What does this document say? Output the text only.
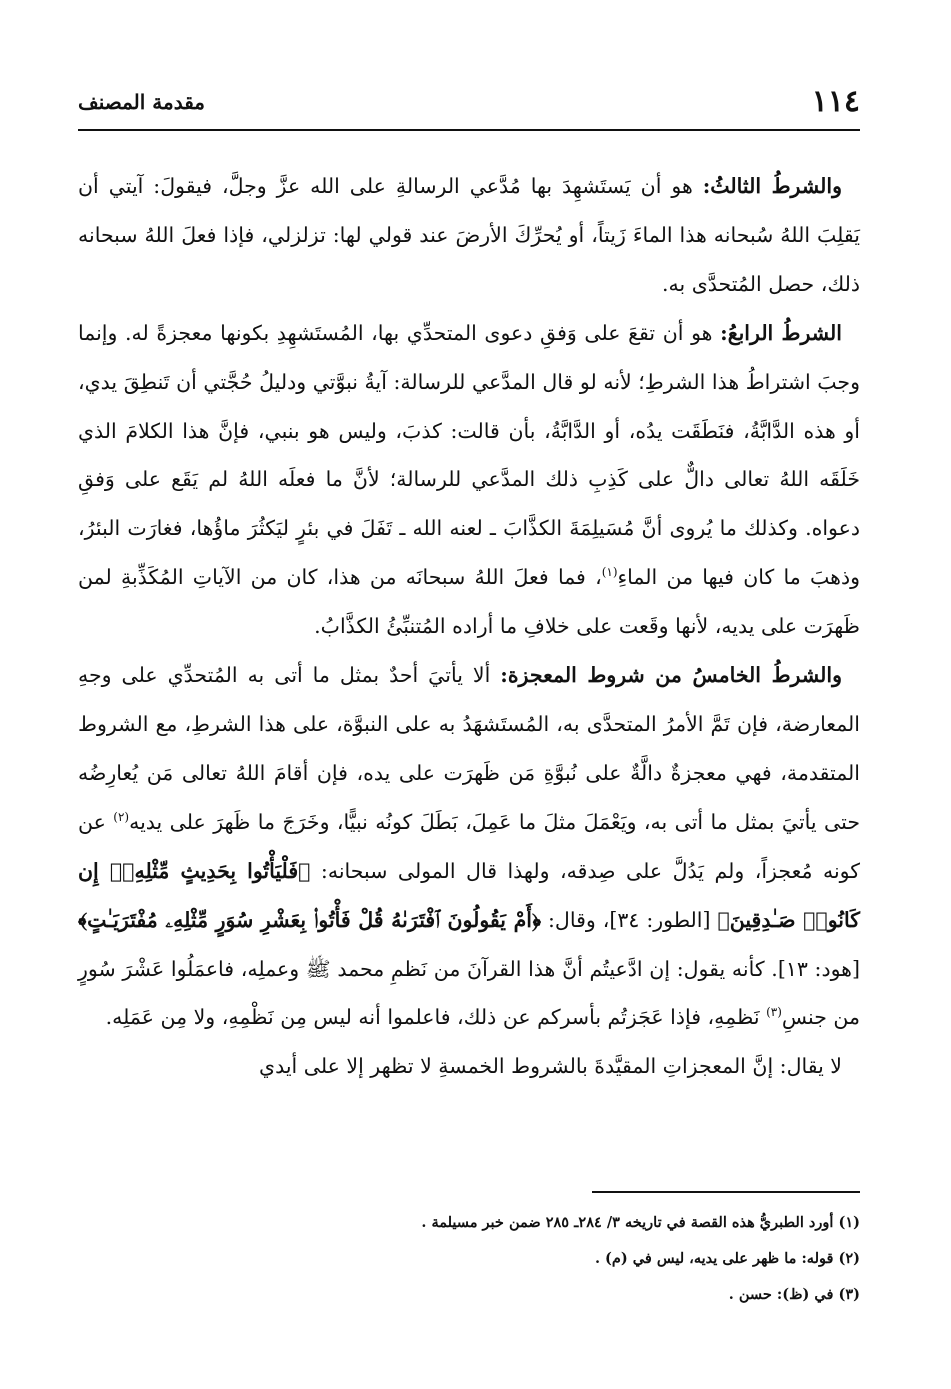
١١٤
مقدمة المصنف

والشرطُ الثالثُ: هو أن يَستَشهِدَ بها مُدَّعي الرسالةِ على الله عزَّ وجلَّ، فيقولَ: آيتي أن يَقلِبَ اللهُ سُبحانه هذا الماءَ زَيتاً، أو يُحرِّكَ الأرضَ عند قولي لها: تزلزلي، فإذا فعلَ اللهُ سبحانه ذلك، حصل المُتحدَّى به.

الشرطُ الرابعُ: هو أن تقعَ على وَفقِ دعوى المتحدِّي بها، المُستَشهِدِ بكونها معجزةً له. وإنما وجبَ اشتراطُ هذا الشرطِ؛ لأنه لو قال المدَّعي للرسالة: آيةُ نبوَّتي ودليلُ حُجَّتي أن تَنطِقَ يدي، أو هذه الدَّابَّةُ، فنَطَقَت يدُه، أو الدَّابَّةُ، بأن قالت: كذبَ، وليس هو بنبي، فإنَّ هذا الكلامَ الذي خَلَقَه اللهُ تعالى دالٌّ على كَذِبِ ذلك المدَّعي للرسالة؛ لأنَّ ما فعلَه اللهُ لم يَقَع على وَفقِ دعواه. وكذلك ما يُروى أنَّ مُسَيلِمَةَ الكذَّابَ ـ لعنه الله ـ تَفَلَ في بئرٍ ليَكثُرَ ماؤُها، فغارَت البئرُ، وذهبَ ما كان فيها من الماءِ$^{(١)}$، فما فعلَ اللهُ سبحانَه من هذا، كان من الآياتِ المُكَذِّبةِ لمن ظَهرَت على يديه، لأنها وقَعت على خلافِ ما أراده المُتنبِّئُ الكذَّابُ.

والشرطُ الخامسُ من شروط المعجزة: ألا يأتيَ أحدٌ بمثل ما أتى به المُتحدِّي على وجهِ المعارضة، فإن تَمَّ الأمرُ المتحدَّى به، المُستَشهَدُ به على النبوَّة، على هذا الشرطِ، مع الشروط المتقدمة، فهي معجزةٌ دالَّةٌ على نُبوَّةِ مَن ظَهرَت على يده، فإن أقامَ اللهُ تعالى مَن يُعارِضُه حتى يأتيَ بمثل ما أتى به، ويَعْمَلَ مثلَ ما عَمِلَ، بَطَلَ كونُه نبيًّا، وخَرَجَ ما ظَهرَ على يديه$^{(٢)}$ عن كونه مُعجزاً، ولم يَدُلَّ على صِدقه، ولهذا قال المولى سبحانه: ﴿فَلْيَأْتُوا بِحَدِيثٍ مِّثْلِهِۦٓ إِن كَانُوا۟ صَـٰدِقِينَ﴾ [الطور: ٣٤]، وقال: ﴿أَمْ يَقُولُونَ ٱفْتَرَىٰهُ قُلْ فَأْتُوا۟ بِعَشْرِ سُوَرٍ مِّثْلِهِۦ مُفْتَرَيَـٰتٍ﴾ [هود: ١٣]. كأنه يقول: إن ادَّعيتُم أنَّ هذا القرآنَ من نَظمِ محمد ﷺ وعملِه، فاعمَلُوا عَشْرَ سُورٍ من جنسِ$^{(٣)}$ نَظمِهِ، فإذا عَجَزتُم بأسركم عن ذلك، فاعلموا أنه ليس مِن نَظْمِهِ، ولا مِن عَمَلِه.

لا يقال: إنَّ المعجزاتِ المقيَّدةَ بالشروط الخمسةِ لا تظهر إلا على أيدي

(١) أورد الطبريُّ هذه القصة في تاريخه ٣/ ٢٨٤ـ ٢٨٥ ضمن خبر مسيلمة .

(٢) قوله: ما ظهر على يديه، ليس في (م) .

(٣) في (ظ): حسن .
